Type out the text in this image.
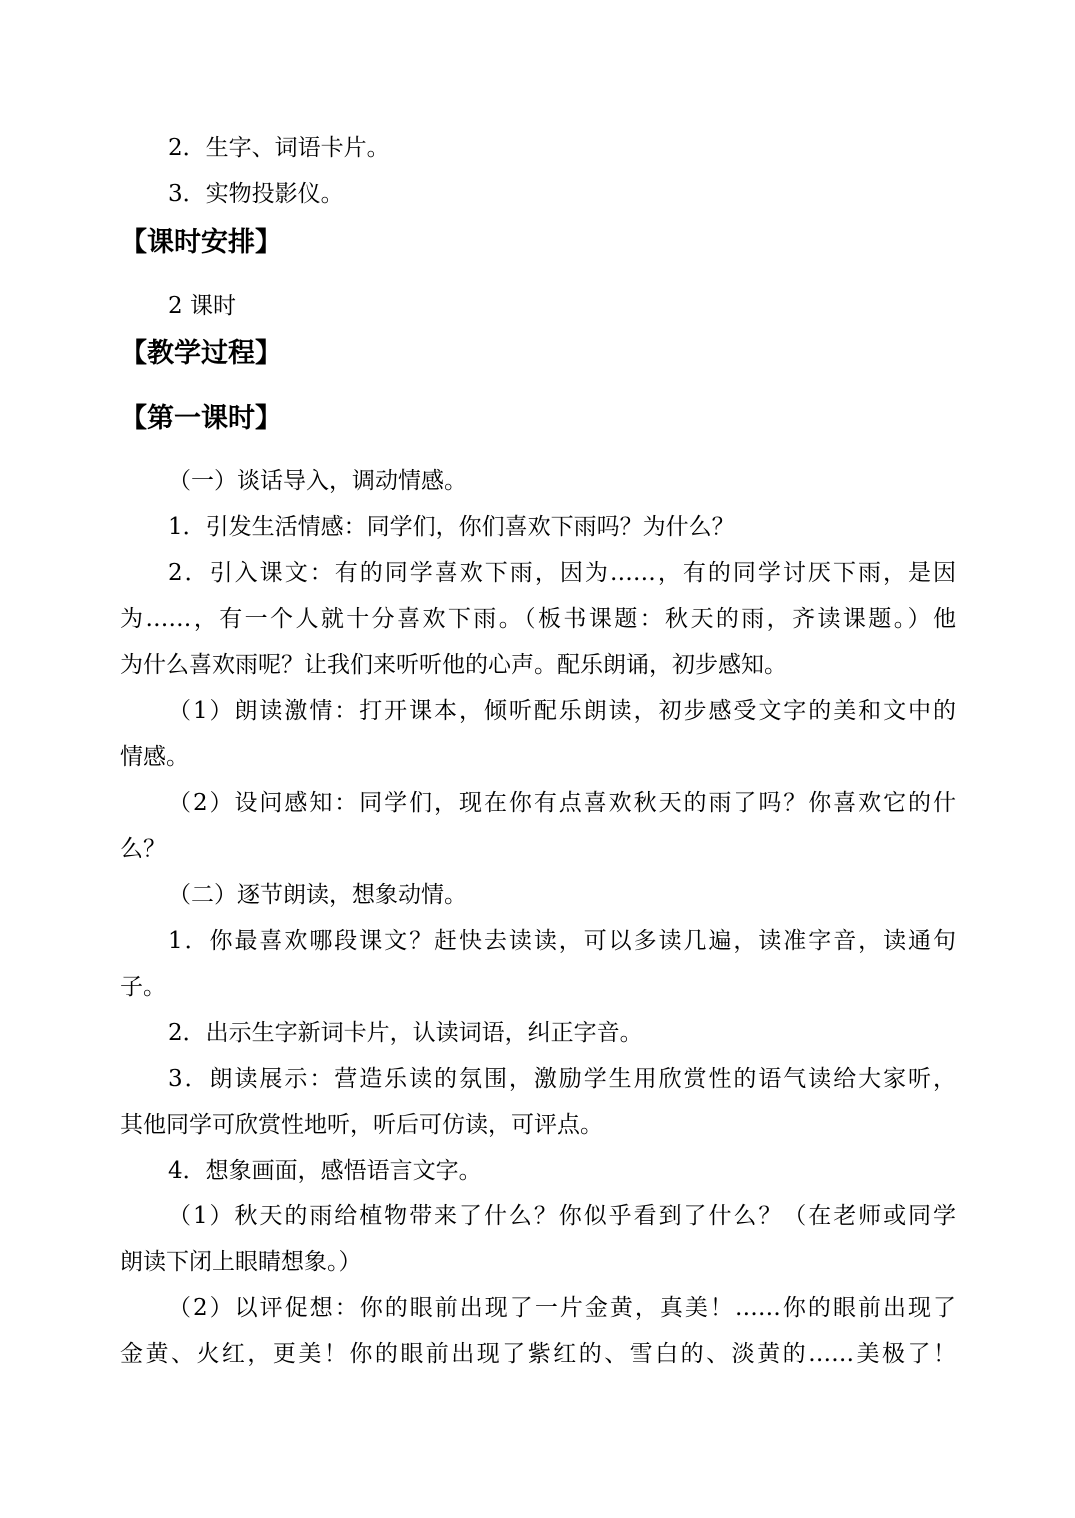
2．生字、词语卡片。
3．实物投影仪。
【课时安排】
2 课时
【教学过程】
【第一课时】
（一）谈话导入，调动情感。
1．引发生活情感：同学们，你们喜欢下雨吗？为什么？
2．引入课文：有的同学喜欢下雨，因为……，有的同学讨厌下雨，是因
为……，有一个人就十分喜欢下雨。（板书课题：秋天的雨，齐读课题。）他
为什么喜欢雨呢？让我们来听听他的心声。配乐朗诵，初步感知。
（1）朗读激情：打开课本，倾听配乐朗读，初步感受文字的美和文中的
情感。
（2）设问感知：同学们，现在你有点喜欢秋天的雨了吗？你喜欢它的什
么？
（二）逐节朗读，想象动情。
1．你最喜欢哪段课文？赶快去读读，可以多读几遍，读准字音，读通句
子。
2．出示生字新词卡片，认读词语，纠正字音。
3．朗读展示：营造乐读的氛围，激励学生用欣赏性的语气读给大家听，
其他同学可欣赏性地听，听后可仿读，可评点。
4．想象画面，感悟语言文字。
（1）秋天的雨给植物带来了什么？你似乎看到了什么？（在老师或同学
朗读下闭上眼睛想象。）
（2）以评促想：你的眼前出现了一片金黄，真美！……你的眼前出现了
金黄、火红，更美！你的眼前出现了紫红的、雪白的、淡黄的……美极了！
